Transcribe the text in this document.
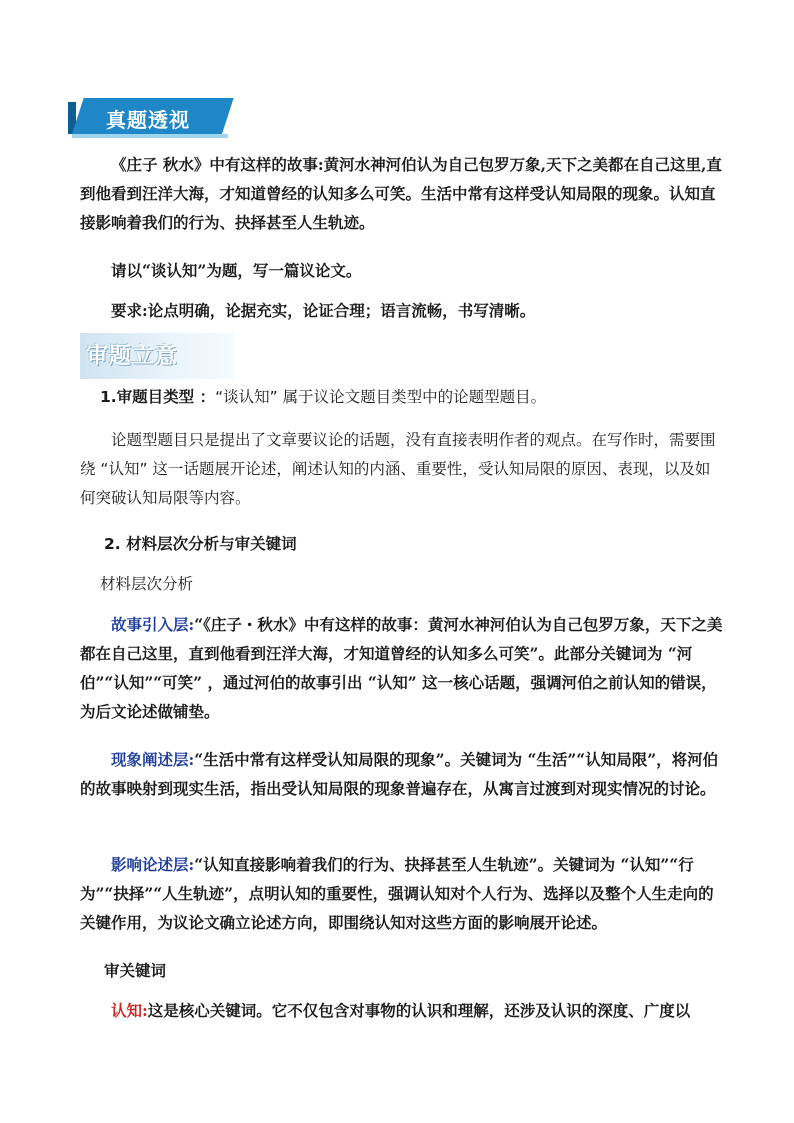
真题透视

《庄子 秋水》中有这样的故事:黄河水神河伯认为自己包罗万象,天下之美都在自己这里,直到他看到汪洋大海，才知道曾经的认知多么可笑。生活中常有这样受认知局限的现象。认知直接影响着我们的行为、抉择甚至人生轨迹。

请以“谈认知”为题，写一篇议论文。

要求:论点明确，论据充实，论证合理；语言流畅，书写清晰。

审题立意

1.审题目类型 ：“谈认知” 属于议论文题目类型中的论题型题目。

论题型题目只是提出了文章要议论的话题，没有直接表明作者的观点。在写作时，需要围绕 “认知” 这一话题展开论述，阐述认知的内涵、重要性，受认知局限的原因、表现，以及如何突破认知局限等内容。

2. 材料层次分析与审关键词

材料层次分析

故事引入层:“《庄子・秋水》中有这样的故事：黄河水神河伯认为自己包罗万象，天下之美都在自己这里，直到他看到汪洋大海，才知道曾经的认知多么可笑”。此部分关键词为 “河伯”“认知”“可笑” ，通过河伯的故事引出 “认知” 这一核心话题，强调河伯之前认知的错误，为后文论述做铺垫。

现象阐述层:“生活中常有这样受认知局限的现象”。关键词为 “生活”“认知局限”，将河伯的故事映射到现实生活，指出受认知局限的现象普遍存在，从寓言过渡到对现实情况的讨论。

影响论述层:“认知直接影响着我们的行为、抉择甚至人生轨迹”。关键词为 “认知”“行为”“抉择”“人生轨迹”，点明认知的重要性，强调认知对个人行为、选择以及整个人生走向的关键作用，为议论文确立论述方向，即围绕认知对这些方面的影响展开论述。

审关键词

认知:这是核心关键词。它不仅包含对事物的认识和理解，还涉及认识的深度、广度以
